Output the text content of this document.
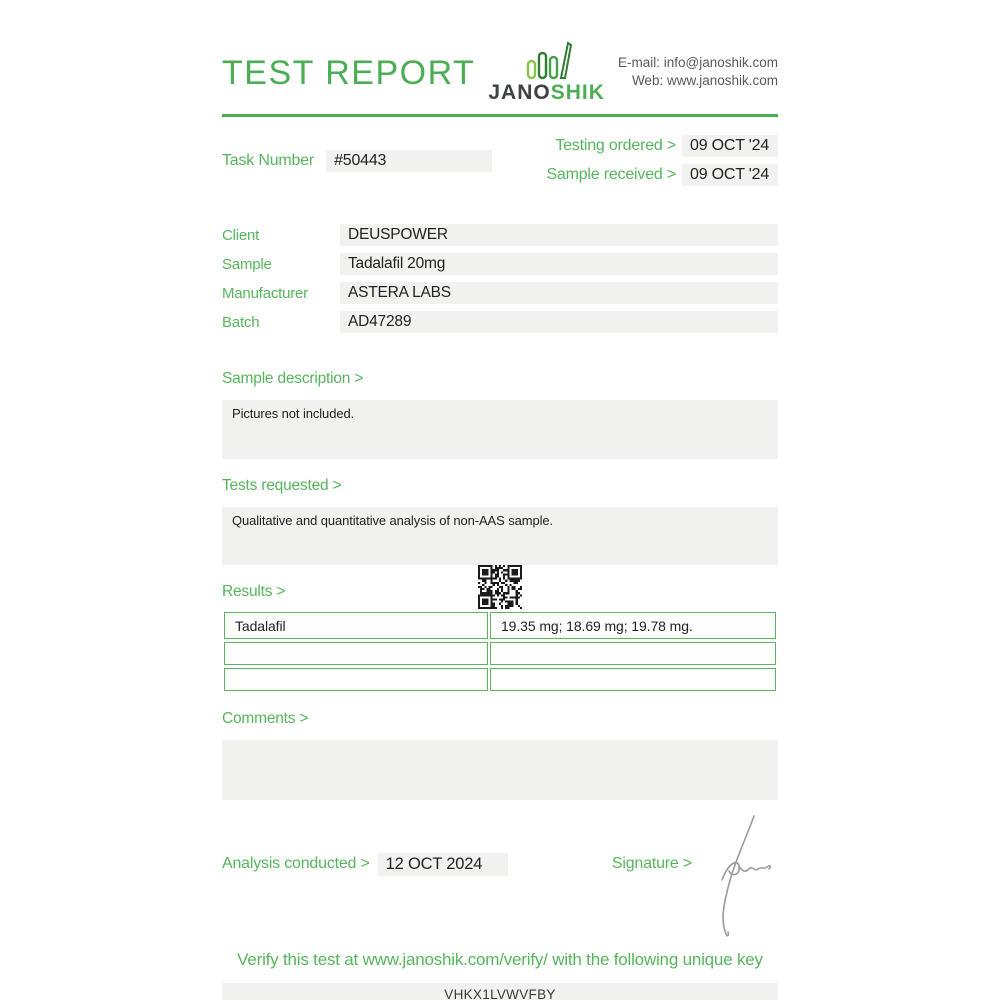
TEST REPORT
JANOSHIK
E-mail: info@janoshik.com
Web: www.janoshik.com
Task Number	#50443
Testing ordered > 09 OCT '24
Sample received > 09 OCT '24
Client	DEUSPOWER
Sample	Tadalafil 20mg
Manufacturer	ASTERA LABS
Batch	AD47289
Sample description >
Pictures not included.
Tests requested >
Qualitative and quantitative analysis of non-AAS sample.
Results >
Tadalafil	19.35 mg; 18.69 mg; 19.78 mg.

Comments >
Analysis conducted > 12 OCT 2024	Signature >
Verify this test at www.janoshik.com/verify/ with the following unique key
VHKX1LVWVFBY
